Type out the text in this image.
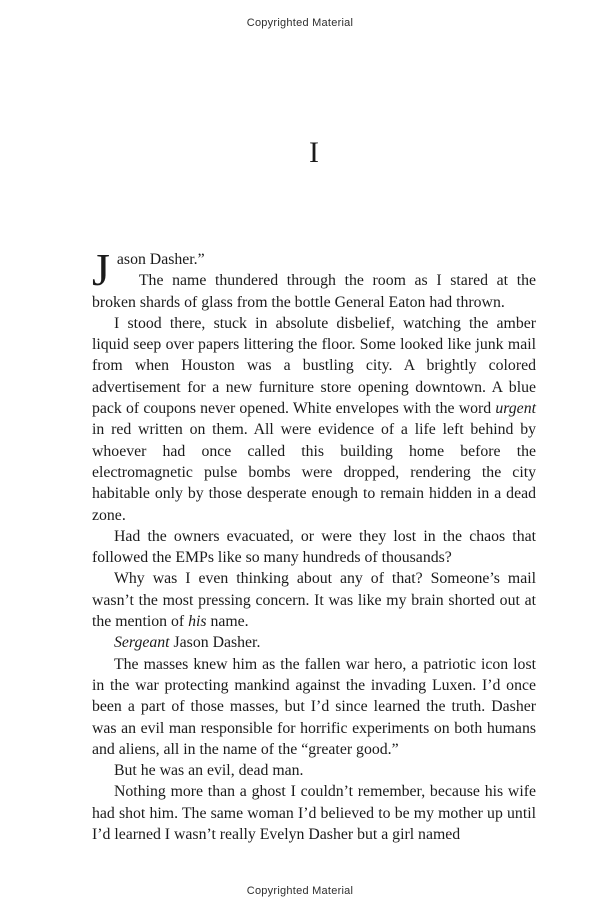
Copyrighted Material
I

Jason Dasher.”

The name thundered through the room as I stared at the broken shards of glass from the bottle General Eaton had thrown.

I stood there, stuck in absolute disbelief, watching the amber liquid seep over papers littering the floor. Some looked like junk mail from when Houston was a bustling city. A brightly colored advertisement for a new furniture store opening downtown. A blue pack of coupons never opened. White envelopes with the word urgent in red written on them. All were evidence of a life left behind by whoever had once called this building home before the electromagnetic pulse bombs were dropped, rendering the city habitable only by those desperate enough to remain hidden in a dead zone.

Had the owners evacuated, or were they lost in the chaos that followed the EMPs like so many hundreds of thousands?

Why was I even thinking about any of that? Someone’s mail wasn’t the most pressing concern. It was like my brain shorted out at the mention of his name.

Sergeant Jason Dasher.

The masses knew him as the fallen war hero, a patriotic icon lost in the war protecting mankind against the invading Luxen. I’d once been a part of those masses, but I’d since learned the truth. Dasher was an evil man responsible for horrific experiments on both humans and aliens, all in the name of the “greater good.”

But he was an evil, dead man.

Nothing more than a ghost I couldn’t remember, because his wife had shot him. The same woman I’d believed to be my mother up until I’d learned I wasn’t really Evelyn Dasher but a girl named

Copyrighted Material
